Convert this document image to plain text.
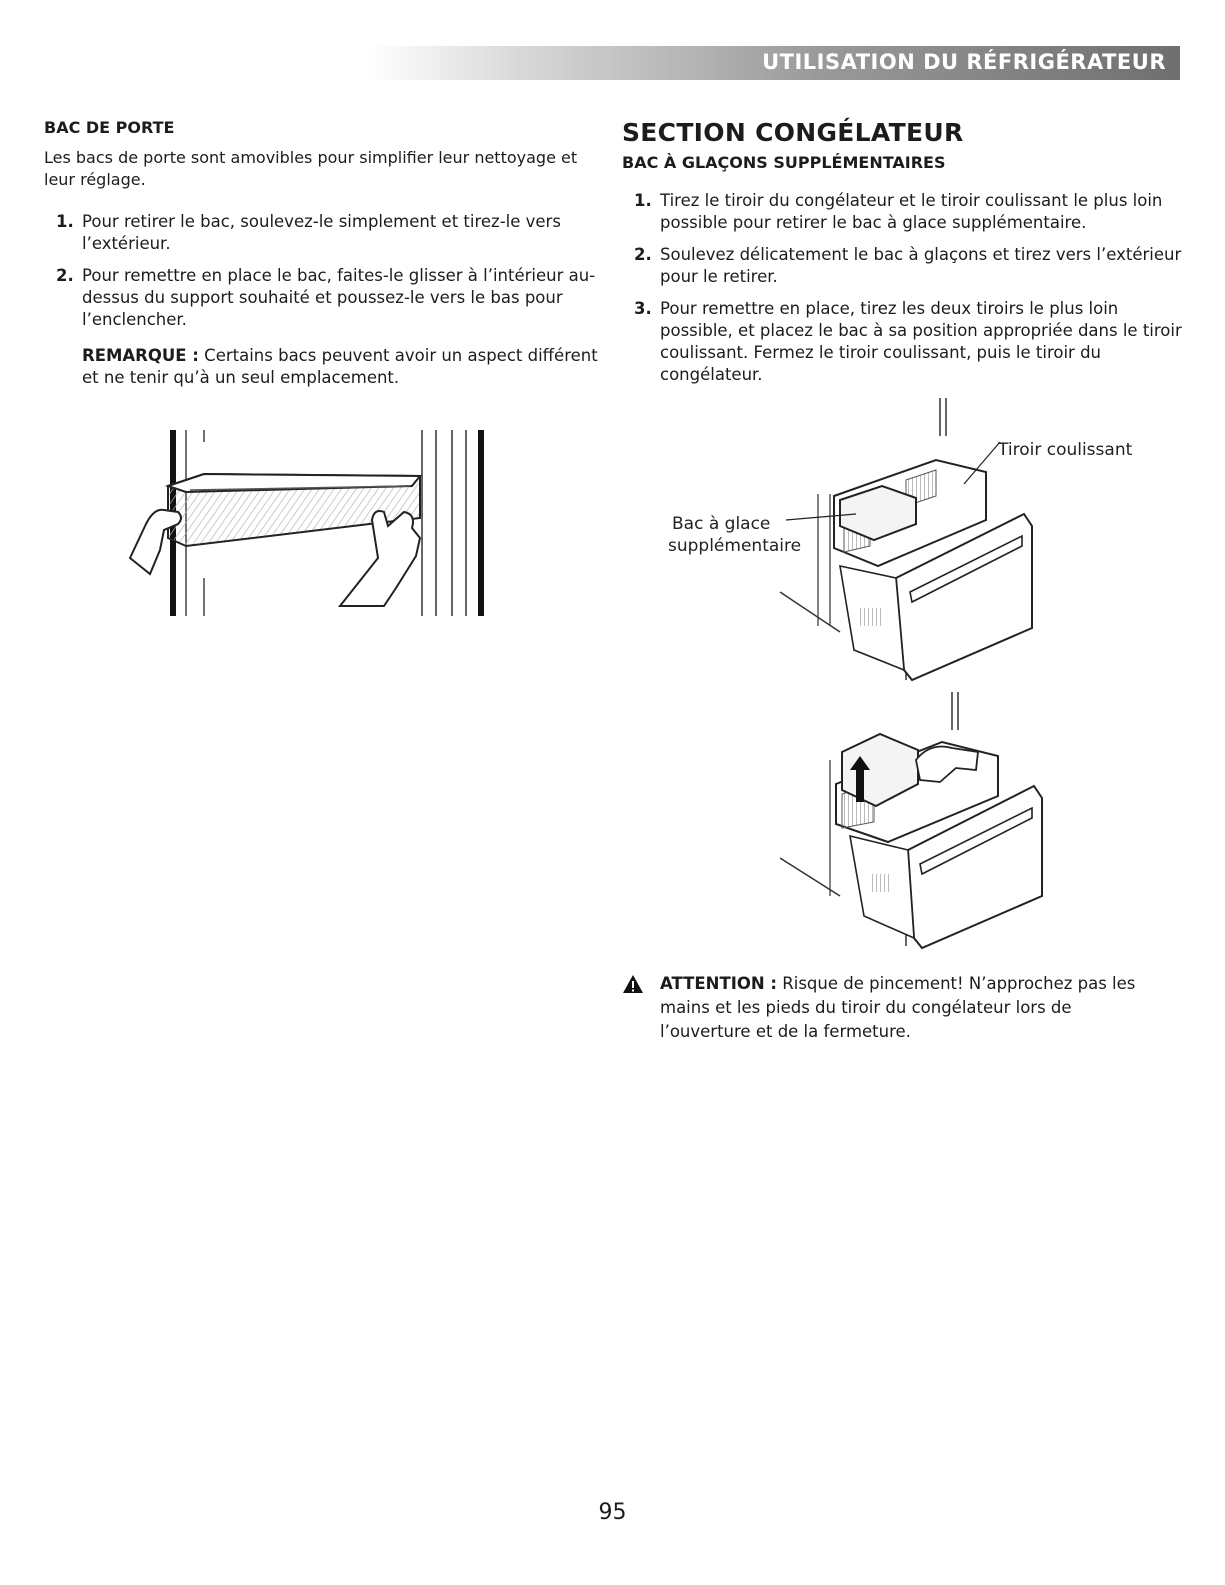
UTILISATION DU RÉFRIGÉRATEUR
BAC DE PORTE

Les bacs de porte sont amovibles pour simplifier leur nettoyage et leur réglage.

1. Pour retirer le bac, soulevez-le simplement et tirez-le vers l’extérieur.
2. Pour remettre en place le bac, faites-le glisser à l’intérieur au-dessus du support souhaité et poussez-le vers le bas pour l’enclencher.
REMARQUE : Certains bacs peuvent avoir un aspect différent et ne tenir qu’à un seul emplacement.
SECTION CONGÉLATEUR
BAC À GLAÇONS SUPPLÉMENTAIRES
1. Tirez le tiroir du congélateur et le tiroir coulissant le plus loin possible pour retirer le bac à glace supplémentaire.
2. Soulevez délicatement le bac à glaçons et tirez vers l’extérieur pour le retirer.
3. Pour remettre en place, tirez les deux tiroirs le plus loin possible, et placez le bac à sa position appropriée dans le tiroir coulissant. Fermez le tiroir coulissant, puis le tiroir du congélateur.
Tiroir coulissant
Bac à glace
supplémentaire
ATTENTION : Risque de pincement! N’approchez pas les mains et les pieds du tiroir du congélateur lors de l’ouverture et de la fermeture.
95
